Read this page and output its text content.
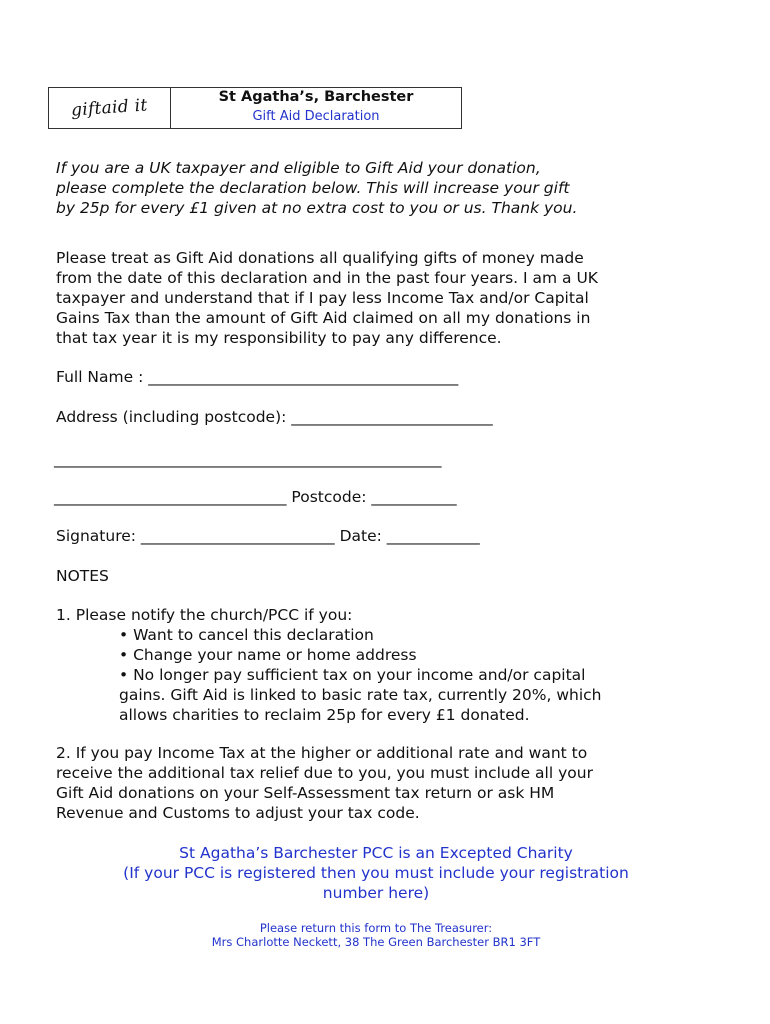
giftaid it	St Agatha’s, Barchester
Gift Aid Declaration
If you are a UK taxpayer and eligible to Gift Aid your donation,
please complete the declaration below. This will increase your gift
by 25p for every £1 given at no extra cost to you or us. Thank you.
Please treat as Gift Aid donations all qualifying gifts of money made
from the date of this declaration and in the past four years. I am a UK
taxpayer and understand that if I pay less Income Tax and/or Capital
Gains Tax than the amount of Gift Aid claimed on all my donations in
that tax year it is my responsibility to pay any difference.
Full Name : ________________________________________
Address (including postcode): __________________________
__________________________________________________
______________________________ Postcode: ___________
Signature: _________________________ Date: ____________
NOTES
1. Please notify the church/PCC if you:
• Want to cancel this declaration
• Change your name or home address
• No longer pay sufficient tax on your income and/or capital
gains. Gift Aid is linked to basic rate tax, currently 20%, which
allows charities to reclaim 25p for every £1 donated.
2. If you pay Income Tax at the higher or additional rate and want to
receive the additional tax relief due to you, you must include all your
Gift Aid donations on your Self-Assessment tax return or ask HM
Revenue and Customs to adjust your tax code.
St Agatha’s Barchester PCC is an Excepted Charity
(If your PCC is registered then you must include your registration
number here)
Please return this form to The Treasurer:
Mrs Charlotte Neckett, 38 The Green Barchester BR1 3FT
